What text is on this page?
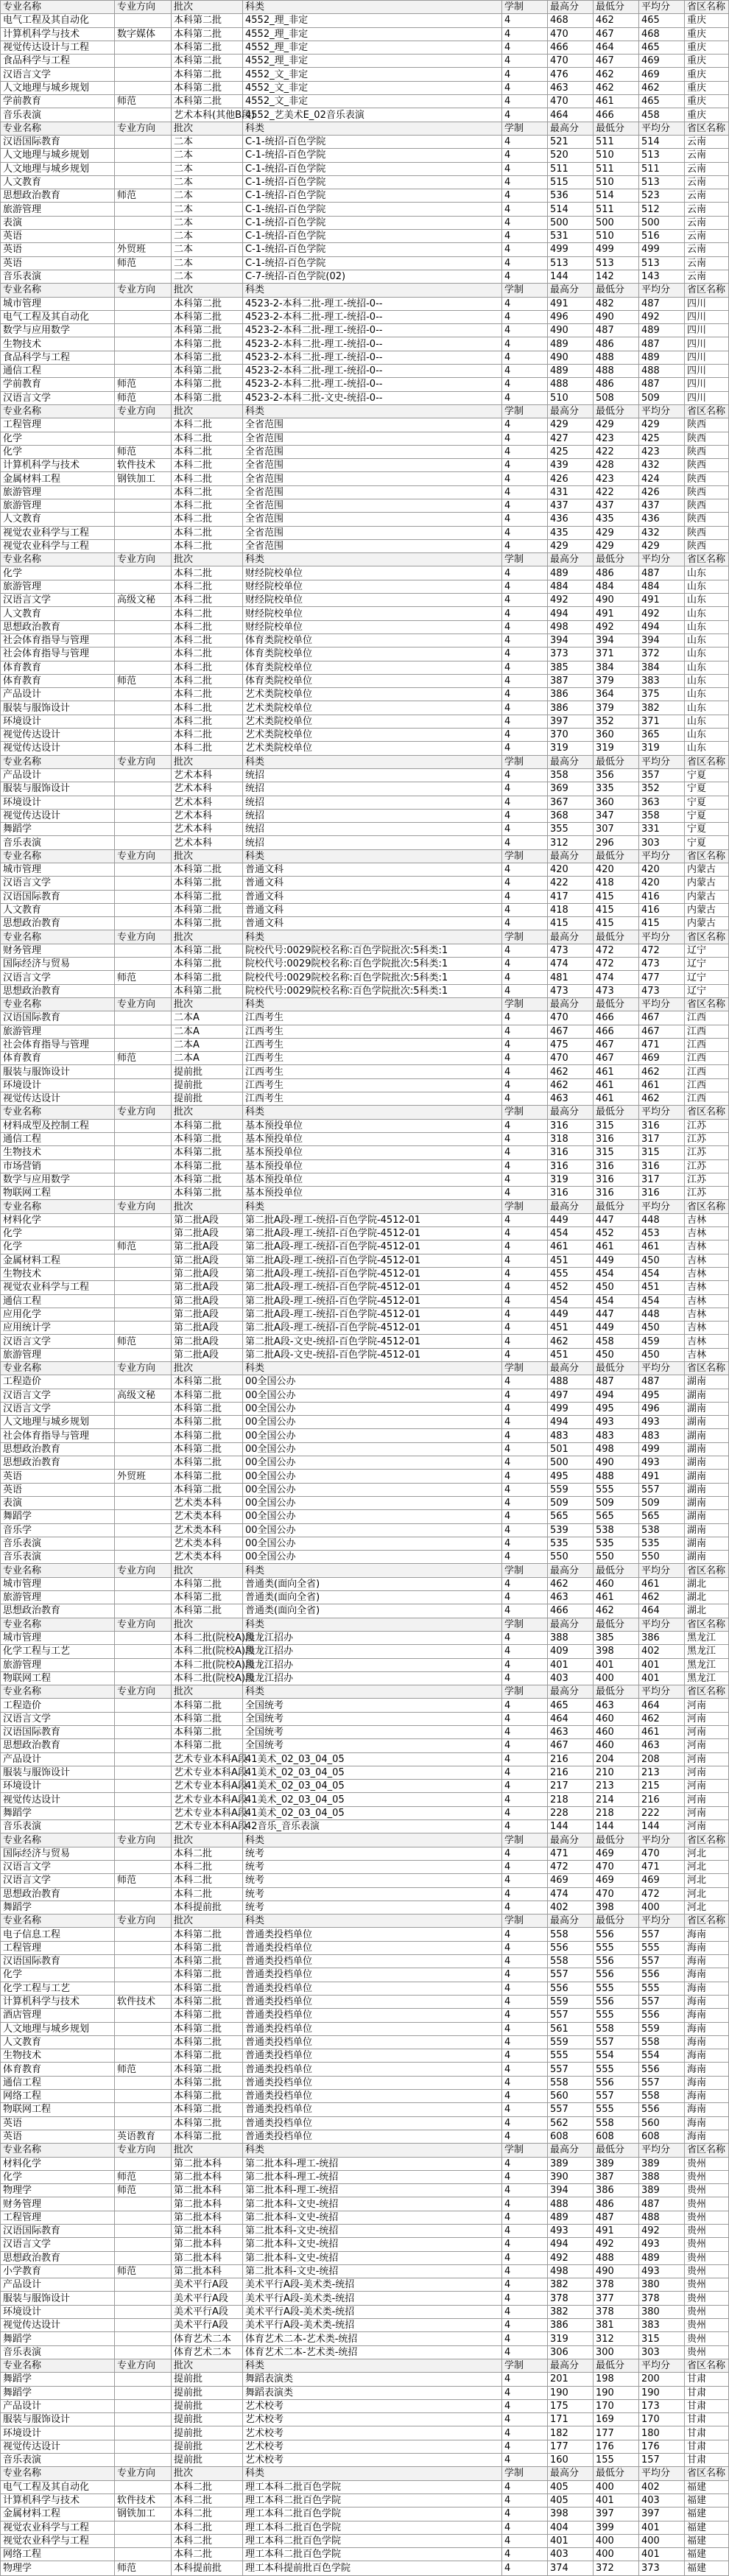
专业名称	专业方向	批次	科类	学制	最高分	最低分	平均分	省区名称
电气工程及其自动化		本科第二批	4552_理_非定	4	468	462	465	重庆
计算机科学与技术	数字媒体	本科第二批	4552_理_非定	4	470	467	468	重庆
视觉传达设计与工程		本科第二批	4552_理_非定	4	466	464	465	重庆
食品科学与工程		本科第二批	4552_理_非定	4	470	467	469	重庆
汉语言文学		本科第二批	4552_文_非定	4	476	462	469	重庆
人文地理与城乡规划		本科第二批	4552_文_非定	4	463	462	462	重庆
学前教育	师范	本科第二批	4552_文_非定	4	470	461	465	重庆
音乐表演		艺术本科(其他B段)	4552_艺美术E_02音乐表演	4	464	466	458	重庆
专业名称	专业方向	批次	科类	学制	最高分	最低分	平均分	省区名称
汉语国际教育		二本	C-1-统招-百色学院	4	521	511	514	云南
人文地理与城乡规划		二本	C-1-统招-百色学院	4	520	510	513	云南
人文地理与城乡规划		二本	C-1-统招-百色学院	4	511	511	511	云南
人文教育		二本	C-1-统招-百色学院	4	515	510	513	云南
思想政治教育	师范	二本	C-1-统招-百色学院	4	536	514	523	云南
旅游管理		二本	C-1-统招-百色学院	4	514	511	512	云南
表演		二本	C-1-统招-百色学院	4	500	500	500	云南
英语		二本	C-1-统招-百色学院	4	531	510	516	云南
英语	外贸班	二本	C-1-统招-百色学院	4	499	499	499	云南
英语	师范	二本	C-1-统招-百色学院	4	513	513	513	云南
音乐表演		二本	C-7-统招-百色学院(02)	4	144	142	143	云南
专业名称	专业方向	批次	科类	学制	最高分	最低分	平均分	省区名称
城市管理		本科第二批	4523-2-本科二批-理工-统招-0--	4	491	482	487	四川
电气工程及其自动化		本科第二批	4523-2-本科二批-理工-统招-0--	4	496	490	492	四川
数学与应用数学		本科第二批	4523-2-本科二批-理工-统招-0--	4	490	487	489	四川
生物技术		本科第二批	4523-2-本科二批-理工-统招-0--	4	489	486	487	四川
食品科学与工程		本科第二批	4523-2-本科二批-理工-统招-0--	4	490	488	489	四川
通信工程		本科第二批	4523-2-本科二批-理工-统招-0--	4	489	488	488	四川
学前教育	师范	本科第二批	4523-2-本科二批-理工-统招-0--	4	488	486	487	四川
汉语言文学	师范	本科第二批	4523-2-本科二批-文史-统招-0--	4	510	508	509	四川
专业名称	专业方向	批次	科类	学制	最高分	最低分	平均分	省区名称
工程管理		本科二批	全省范围	4	429	429	429	陕西
化学		本科二批	全省范围	4	427	423	425	陕西
化学	师范	本科二批	全省范围	4	425	422	423	陕西
计算机科学与技术	软件技术	本科二批	全省范围	4	439	428	432	陕西
金属材料工程	钢铁加工	本科二批	全省范围	4	426	423	424	陕西
旅游管理		本科二批	全省范围	4	431	422	426	陕西
旅游管理		本科二批	全省范围	4	437	437	437	陕西
人文教育		本科二批	全省范围	4	436	435	436	陕西
视觉农业科学与工程		本科二批	全省范围	4	435	429	432	陕西
视觉农业科学与工程		本科二批	全省范围	4	429	429	429	陕西
专业名称	专业方向	批次	科类	学制	最高分	最低分	平均分	省区名称
化学		本科二批	财经院校单位	4	489	486	487	山东
旅游管理		本科二批	财经院校单位	4	484	484	484	山东
汉语言文学	高级文秘	本科二批	财经院校单位	4	492	490	491	山东
人文教育		本科二批	财经院校单位	4	494	491	492	山东
思想政治教育		本科二批	财经院校单位	4	498	492	494	山东
社会体育指导与管理		本科二批	体育类院校单位	4	394	394	394	山东
社会体育指导与管理		本科二批	体育类院校单位	4	373	371	372	山东
体育教育		本科二批	体育类院校单位	4	385	384	384	山东
体育教育	师范	本科二批	体育类院校单位	4	387	379	383	山东
产品设计		本科二批	艺术类院校单位	4	386	364	375	山东
服装与服饰设计		本科二批	艺术类院校单位	4	386	379	382	山东
环境设计		本科二批	艺术类院校单位	4	397	352	371	山东
视觉传达设计		本科二批	艺术类院校单位	4	370	360	365	山东
视觉传达设计		本科二批	艺术类院校单位	4	319	319	319	山东
专业名称	专业方向	批次	科类	学制	最高分	最低分	平均分	省区名称
产品设计		艺术本科	统招	4	358	356	357	宁夏
服装与服饰设计		艺术本科	统招	4	369	335	352	宁夏
环境设计		艺术本科	统招	4	367	360	363	宁夏
视觉传达设计		艺术本科	统招	4	368	347	358	宁夏
舞蹈学		艺术本科	统招	4	355	307	331	宁夏
音乐表演		艺术本科	统招	4	312	296	303	宁夏
专业名称	专业方向	批次	科类	学制	最高分	最低分	平均分	省区名称
城市管理		本科第二批	普通文科	4	420	420	420	内蒙古
汉语言文学		本科第二批	普通文科	4	422	418	420	内蒙古
汉语国际教育		本科第二批	普通文科	4	417	415	416	内蒙古
人文教育		本科第二批	普通文科	4	418	415	416	内蒙古
思想政治教育		本科第二批	普通文科	4	415	415	415	内蒙古
专业名称	专业方向	批次	科类	学制	最高分	最低分	平均分	省区名称
财务管理		本科第二批	院校代号:0029院校名称:百色学院批次:5科类:1	4	473	472	472	辽宁
国际经济与贸易		本科第二批	院校代号:0029院校名称:百色学院批次:5科类:1	4	474	472	473	辽宁
汉语言文学	师范	本科第二批	院校代号:0029院校名称:百色学院批次:5科类:1	4	481	474	477	辽宁
思想政治教育		本科第二批	院校代号:0029院校名称:百色学院批次:5科类:1	4	473	473	473	辽宁
专业名称	专业方向	批次	科类	学制	最高分	最低分	平均分	省区名称
汉语国际教育		二本A	江西考生	4	470	466	467	江西
旅游管理		二本A	江西考生	4	467	466	467	江西
社会体育指导与管理		二本A	江西考生	4	475	467	471	江西
体育教育	师范	二本A	江西考生	4	470	467	469	江西
服装与服饰设计		提前批	江西考生	4	462	461	462	江西
环境设计		提前批	江西考生	4	462	461	461	江西
视觉传达设计		提前批	江西考生	4	463	461	462	江西
专业名称	专业方向	批次	科类	学制	最高分	最低分	平均分	省区名称
材料成型及控制工程		本科第二批	基本预投单位	4	316	315	316	江苏
通信工程		本科第二批	基本预投单位	4	318	316	317	江苏
生物技术		本科第二批	基本预投单位	4	316	315	315	江苏
市场营销		本科第二批	基本预投单位	4	316	316	316	江苏
数学与应用数学		本科第二批	基本预投单位	4	319	316	317	江苏
物联网工程		本科第二批	基本预投单位	4	316	316	316	江苏
专业名称	专业方向	批次	科类	学制	最高分	最低分	平均分	省区名称
材料化学		第二批A段	第二批A段-理工-统招-百色学院-4512-01	4	449	447	448	吉林
化学		第二批A段	第二批A段-理工-统招-百色学院-4512-01	4	454	452	453	吉林
化学	师范	第二批A段	第二批A段-理工-统招-百色学院-4512-01	4	461	461	461	吉林
金属材料工程		第二批A段	第二批A段-理工-统招-百色学院-4512-01	4	451	449	450	吉林
生物技术		第二批A段	第二批A段-理工-统招-百色学院-4512-01	4	455	454	454	吉林
视觉农业科学与工程		第二批A段	第二批A段-理工-统招-百色学院-4512-01	4	452	450	451	吉林
通信工程		第二批A段	第二批A段-理工-统招-百色学院-4512-01	4	454	454	454	吉林
应用化学		第二批A段	第二批A段-理工-统招-百色学院-4512-01	4	449	447	448	吉林
应用统计学		第二批A段	第二批A段-理工-统招-百色学院-4512-01	4	451	449	450	吉林
汉语言文学	师范	第二批A段	第二批A段-文史-统招-百色学院-4512-01	4	462	458	459	吉林
旅游管理		第二批A段	第二批A段-文史-统招-百色学院-4512-01	4	451	450	450	吉林
专业名称	专业方向	批次	科类	学制	最高分	最低分	平均分	省区名称
工程造价		本科第二批	00全国公办	4	488	487	487	湖南
汉语言文学	高级文秘	本科第二批	00全国公办	4	497	494	495	湖南
汉语言文学		本科第二批	00全国公办	4	499	495	496	湖南
人文地理与城乡规划		本科第二批	00全国公办	4	494	493	493	湖南
社会体育指导与管理		本科第二批	00全国公办	4	483	483	483	湖南
思想政治教育		本科第二批	00全国公办	4	501	498	499	湖南
思想政治教育		本科第二批	00全国公办	4	500	490	493	湖南
英语	外贸班	本科第二批	00全国公办	4	495	488	491	湖南
英语		本科第二批	00全国公办	4	559	555	557	湖南
表演		艺术类本科	00全国公办	4	509	509	509	湖南
舞蹈学		艺术类本科	00全国公办	4	565	565	565	湖南
音乐学		艺术类本科	00全国公办	4	539	538	538	湖南
音乐表演		艺术类本科	00全国公办	4	535	535	535	湖南
音乐表演		艺术类本科	00全国公办	4	550	550	550	湖南
专业名称	专业方向	批次	科类	学制	最高分	最低分	平均分	省区名称
城市管理		本科第二批	普通类(面向全省)	4	462	460	461	湖北
旅游管理		本科第二批	普通类(面向全省)	4	463	461	462	湖北
思想政治教育		本科第二批	普通类(面向全省)	4	466	462	464	湖北
专业名称	专业方向	批次	科类	学制	最高分	最低分	平均分	省区名称
城市管理		本科二批(院校A)段	黑龙江招办	4	388	385	386	黑龙江
化学工程与工艺		本科二批(院校A)段	黑龙江招办	4	409	398	402	黑龙江
旅游管理		本科二批(院校A)段	黑龙江招办	4	401	401	401	黑龙江
物联网工程		本科二批(院校A)段	黑龙江招办	4	403	400	401	黑龙江
专业名称	专业方向	批次	科类	学制	最高分	最低分	平均分	省区名称
工程造价		本科第二批	全国统考	4	465	463	464	河南
汉语言文学		本科第二批	全国统考	4	464	460	462	河南
汉语国际教育		本科第二批	全国统考	4	463	460	461	河南
思想政治教育		本科第二批	全国统考	4	467	460	463	河南
产品设计		艺术专业本科A段	41美术_02_03_04_05	4	216	204	208	河南
服装与服饰设计		艺术专业本科A段	41美术_02_03_04_05	4	216	210	213	河南
环境设计		艺术专业本科A段	41美术_02_03_04_05	4	217	213	215	河南
视觉传达设计		艺术专业本科A段	41美术_02_03_04_05	4	218	214	216	河南
舞蹈学		艺术专业本科A段	41美术_02_03_04_05	4	228	218	222	河南
音乐表演		艺术专业本科A段	42音乐_音乐表演	4	144	144	144	河南
专业名称	专业方向	批次	科类	学制	最高分	最低分	平均分	省区名称
国际经济与贸易		本科二批	统考	4	471	469	470	河北
汉语言文学		本科二批	统考	4	472	470	471	河北
汉语言文学	师范	本科二批	统考	4	469	469	469	河北
思想政治教育		本科二批	统考	4	474	470	472	河北
舞蹈学		本科提前批	统考	4	402	398	400	河北
专业名称	专业方向	批次	科类	学制	最高分	最低分	平均分	省区名称
电子信息工程		本科第二批	普通类投档单位	4	558	556	557	海南
工程管理		本科第二批	普通类投档单位	4	556	555	555	海南
汉语国际教育		本科第二批	普通类投档单位	4	558	556	557	海南
化学		本科第二批	普通类投档单位	4	557	556	556	海南
化学工程与工艺		本科第二批	普通类投档单位	4	556	555	555	海南
计算机科学与技术	软件技术	本科第二批	普通类投档单位	4	559	556	557	海南
酒店管理		本科第二批	普通类投档单位	4	557	555	556	海南
人文地理与城乡规划		本科第二批	普通类投档单位	4	561	558	559	海南
人文教育		本科第二批	普通类投档单位	4	559	557	558	海南
生物技术		本科第二批	普通类投档单位	4	555	554	554	海南
体育教育	师范	本科第二批	普通类投档单位	4	557	555	556	海南
通信工程		本科第二批	普通类投档单位	4	558	556	557	海南
网络工程		本科第二批	普通类投档单位	4	560	557	558	海南
物联网工程		本科第二批	普通类投档单位	4	557	555	556	海南
英语		本科第二批	普通类投档单位	4	562	558	560	海南
英语	英语教育	本科第二批	普通类投档单位	4	608	608	608	海南
专业名称	专业方向	批次	科类	学制	最高分	最低分	平均分	省区名称
材料化学		第二批本科	第二批本科-理工-统招	4	389	389	389	贵州
化学	师范	第二批本科	第二批本科-理工-统招	4	390	387	388	贵州
物理学	师范	第二批本科	第二批本科-理工-统招	4	394	386	389	贵州
财务管理		第二批本科	第二批本科-文史-统招	4	488	486	487	贵州
工程管理		第二批本科	第二批本科-文史-统招	4	489	487	488	贵州
汉语国际教育		第二批本科	第二批本科-文史-统招	4	493	491	492	贵州
汉语言文学		第二批本科	第二批本科-文史-统招	4	494	492	493	贵州
思想政治教育		第二批本科	第二批本科-文史-统招	4	492	488	489	贵州
小学教育	师范	第二批本科	第二批本科-文史-统招	4	498	490	493	贵州
产品设计		美术平行A段	美术平行A段-美术类-统招	4	382	378	380	贵州
服装与服饰设计		美术平行A段	美术平行A段-美术类-统招	4	378	377	378	贵州
环境设计		美术平行A段	美术平行A段-美术类-统招	4	382	378	380	贵州
视觉传达设计		美术平行A段	美术平行A段-美术类-统招	4	386	381	383	贵州
舞蹈学		体育艺术二本	体育艺术二本-艺术类-统招	4	319	312	315	贵州
音乐表演		体育艺术二本	体育艺术二本-艺术类-统招	4	306	300	303	贵州
专业名称	专业方向	批次	科类	学制	最高分	最低分	平均分	省区名称
舞蹈学		提前批	舞蹈表演类	4	201	198	200	甘肃
舞蹈学		提前批	舞蹈表演类	4	190	190	190	甘肃
产品设计		提前批	艺术校考	4	175	170	173	甘肃
服装与服饰设计		提前批	艺术校考	4	171	169	170	甘肃
环境设计		提前批	艺术校考	4	182	177	180	甘肃
视觉传达设计		提前批	艺术校考	4	177	176	176	甘肃
音乐表演		提前批	艺术校考	4	160	155	157	甘肃
专业名称	专业方向	批次	科类	学制	最高分	最低分	平均分	省区名称
电气工程及其自动化		本科二批	理工本科二批百色学院	4	405	400	402	福建
计算机科学与技术	软件技术	本科二批	理工本科二批百色学院	4	405	401	403	福建
金属材料工程	钢铁加工	本科二批	理工本科二批百色学院	4	398	397	397	福建
视觉农业科学与工程		本科二批	理工本科二批百色学院	4	404	399	401	福建
视觉农业科学与工程		本科二批	理工本科二批百色学院	4	401	400	400	福建
网络工程		本科二批	理工本科二批百色学院	4	403	400	401	福建
物理学	师范	本科提前批	理工本科提前批百色学院	4	374	372	373	福建
